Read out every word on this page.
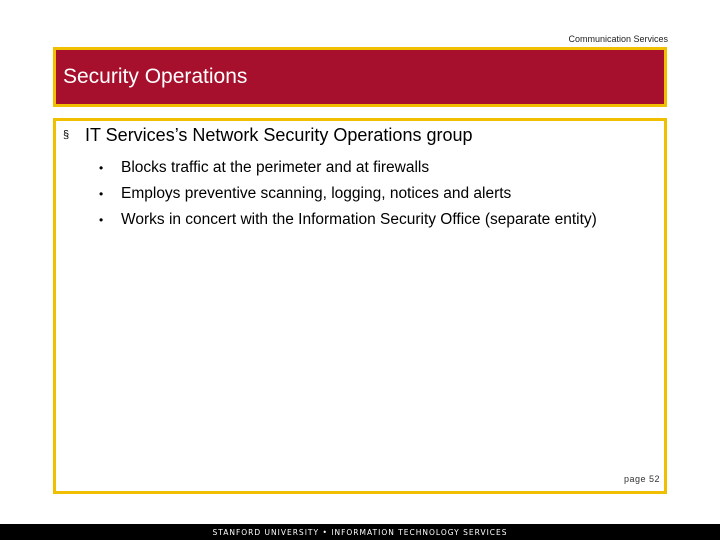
Communication Services
Security Operations
§ IT Services’s Network Security Operations group
•	Blocks traffic at the perimeter and at firewalls
•	Employs preventive scanning, logging, notices and alerts
•	Works in concert with the Information Security Office (separate entity)
page 52
STANFORD UNIVERSITY • INFORMATION TECHNOLOGY SERVICES
